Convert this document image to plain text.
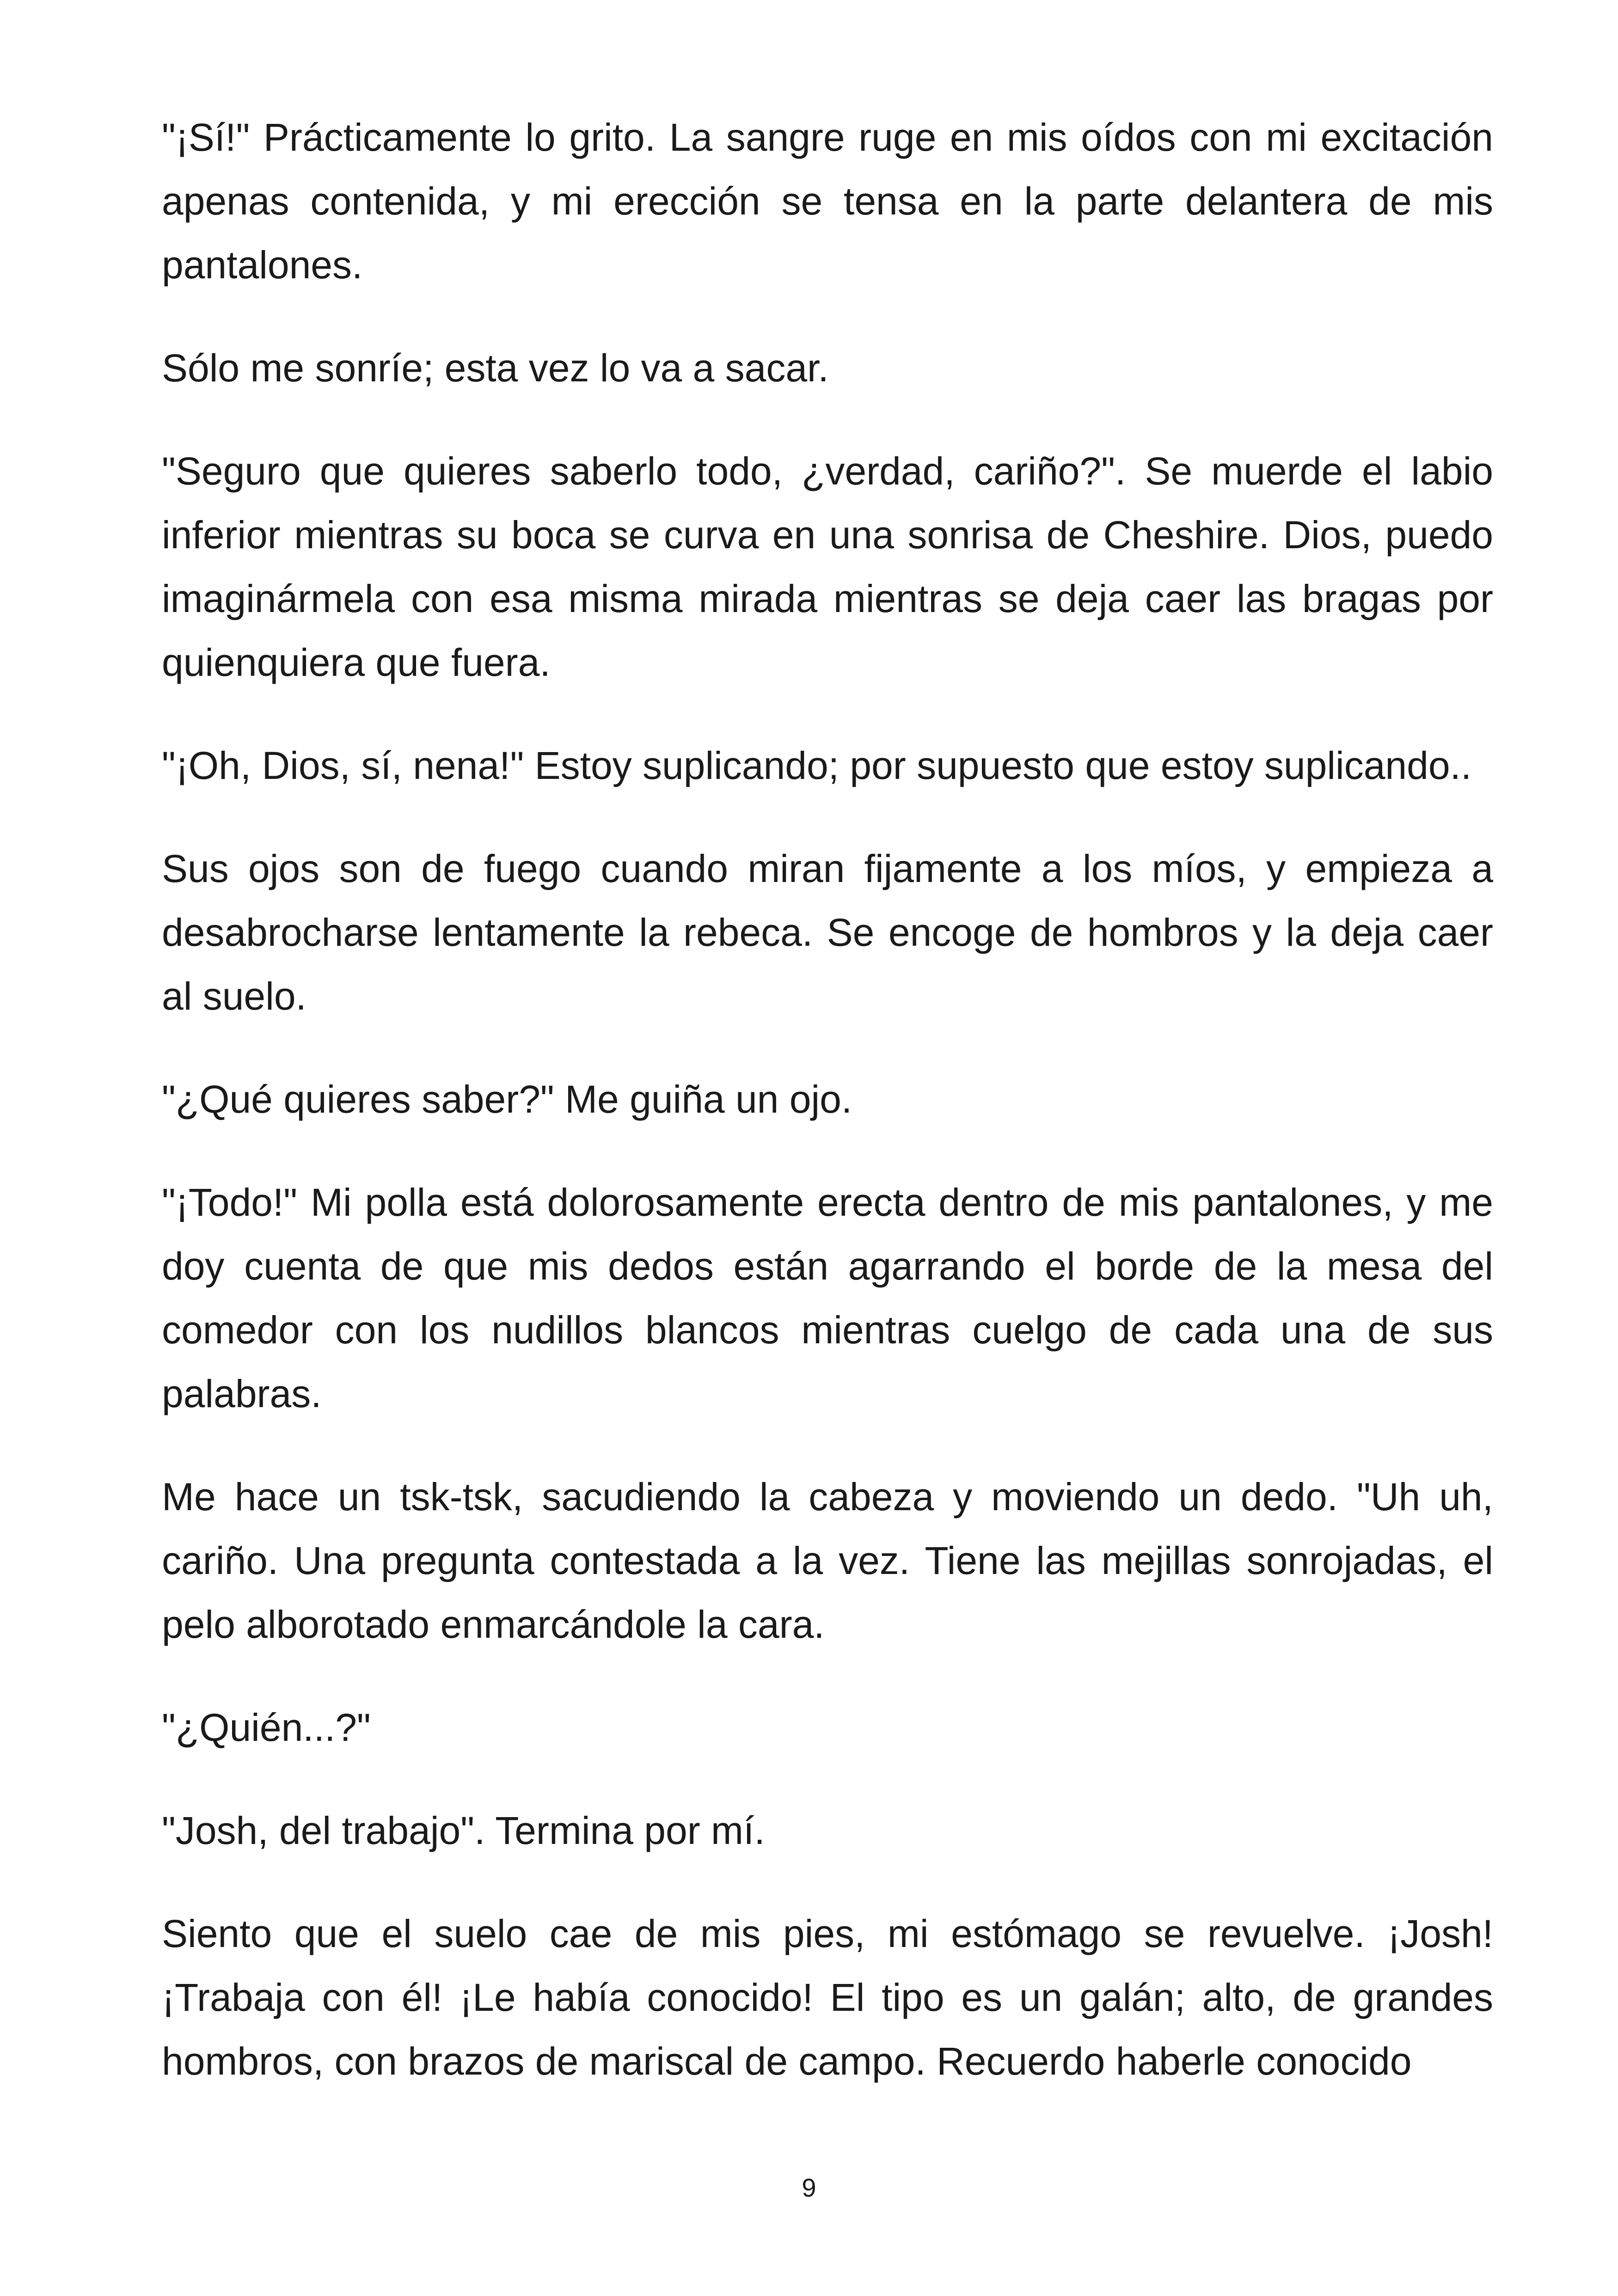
"¡Sí!" Prácticamente lo grito. La sangre ruge en mis oídos con mi excitación apenas contenida, y mi erección se tensa en la parte delantera de mis pantalones.

Sólo me sonríe; esta vez lo va a sacar.

"Seguro que quieres saberlo todo, ¿verdad, cariño?". Se muerde el labio inferior mientras su boca se curva en una sonrisa de Cheshire. Dios, puedo imaginármela con esa misma mirada mientras se deja caer las bragas por quienquiera que fuera.

"¡Oh, Dios, sí, nena!" Estoy suplicando; por supuesto que estoy suplicando..

Sus ojos son de fuego cuando miran fijamente a los míos, y empieza a desabrocharse lentamente la rebeca. Se encoge de hombros y la deja caer al suelo.

"¿Qué quieres saber?" Me guiña un ojo.

"¡Todo!" Mi polla está dolorosamente erecta dentro de mis pantalones, y me doy cuenta de que mis dedos están agarrando el borde de la mesa del comedor con los nudillos blancos mientras cuelgo de cada una de sus palabras.

Me hace un tsk-tsk, sacudiendo la cabeza y moviendo un dedo. "Uh uh, cariño. Una pregunta contestada a la vez. Tiene las mejillas sonrojadas, el pelo alborotado enmarcándole la cara.

"¿Quién...?"

"Josh, del trabajo". Termina por mí.

Siento que el suelo cae de mis pies, mi estómago se revuelve. ¡Josh! ¡Trabaja con él! ¡Le había conocido! El tipo es un galán; alto, de grandes hombros, con brazos de mariscal de campo. Recuerdo haberle conocido

9
